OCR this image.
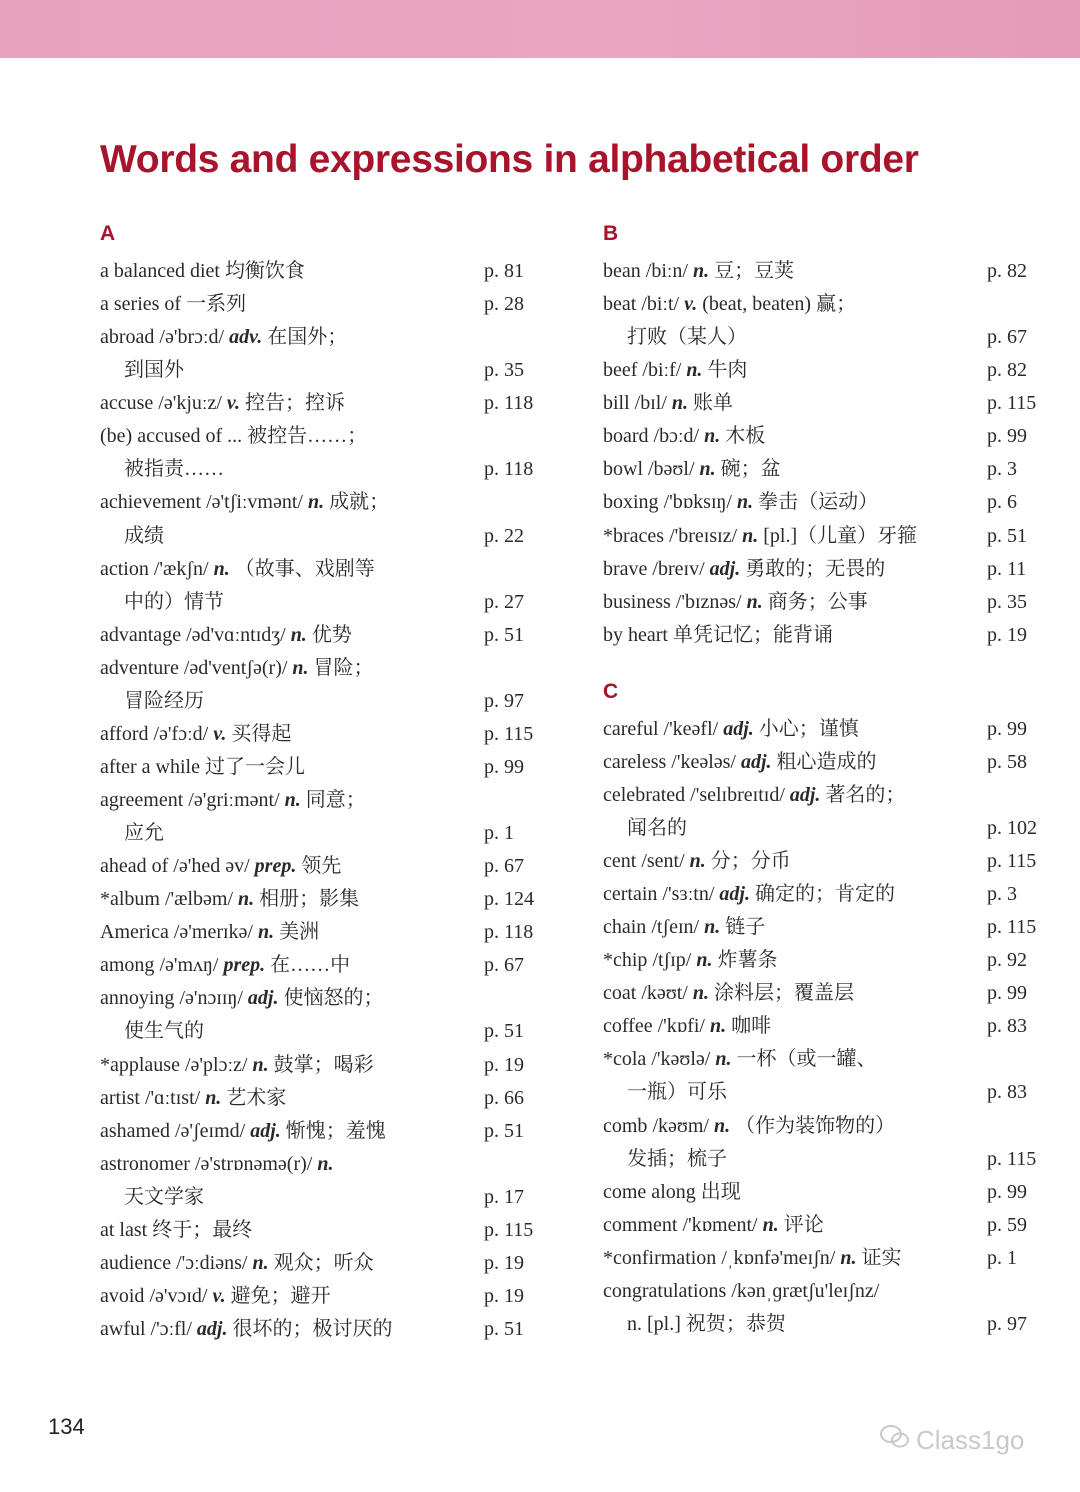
Words and expressions in alphabetical order
A
a balanced diet 均衡饮食	p. 81
a series of 一系列	p. 28
abroad /ə'brɔːd/ adv. 在国外；
到国外	p. 35
accuse /ə'kjuːz/ v. 控告；控诉	p. 118
(be) accused of ... 被控告……；
被指责……	p. 118
achievement /ə'tʃiːvmənt/ n. 成就；
成绩	p. 22
action /'ækʃn/ n. （故事、戏剧等
中的）情节	p. 27
advantage /əd'vɑːntɪdʒ/ n. 优势	p. 51
adventure /əd'ventʃə(r)/ n. 冒险；
冒险经历	p. 97
afford /ə'fɔːd/ v. 买得起	p. 115
after a while 过了一会儿	p. 99
agreement /ə'griːmənt/ n. 同意；
应允	p. 1
ahead of /ə'hed əv/ prep. 领先	p. 67
*album /'ælbəm/ n. 相册；影集	p. 124
America /ə'merɪkə/ n. 美洲	p. 118
among /ə'mʌŋ/ prep. 在……中	p. 67
annoying /ə'nɔɪɪŋ/ adj. 使恼怒的；
使生气的	p. 51
*applause /ə'plɔːz/ n. 鼓掌；喝彩	p. 19
artist /'ɑːtɪst/ n. 艺术家	p. 66
ashamed /ə'ʃeɪmd/ adj. 惭愧；羞愧	p. 51
astronomer /ə'strɒnəmə(r)/ n.
天文学家	p. 17
at last 终于；最终	p. 115
audience /'ɔːdiəns/ n. 观众；听众	p. 19
avoid /ə'vɔɪd/ v. 避免；避开	p. 19
awful /'ɔːfl/ adj. 很坏的；极讨厌的	p. 51
B
bean /biːn/ n. 豆；豆荚	p. 82
beat /biːt/ v. (beat, beaten) 赢；
打败（某人）	p. 67
beef /biːf/ n. 牛肉	p. 82
bill /bɪl/ n. 账单	p. 115
board /bɔːd/ n. 木板	p. 99
bowl /bəʊl/ n. 碗；盆	p. 3
boxing /'bɒksɪŋ/ n. 拳击（运动）	p. 6
*braces /'breɪsɪz/ n. [pl.]（儿童）牙箍	p. 51
brave /breɪv/ adj. 勇敢的；无畏的	p. 11
business /'bɪznəs/ n. 商务；公事	p. 35
by heart 单凭记忆；能背诵	p. 19
C
careful /'keəfl/ adj. 小心；谨慎	p. 99
careless /'keələs/ adj. 粗心造成的	p. 58
celebrated /'selɪbreɪtɪd/ adj. 著名的；
闻名的	p. 102
cent /sent/ n. 分；分币	p. 115
certain /'sɜːtn/ adj. 确定的；肯定的	p. 3
chain /tʃeɪn/ n. 链子	p. 115
*chip /tʃɪp/ n. 炸薯条	p. 92
coat /kəʊt/ n. 涂料层；覆盖层	p. 99
coffee /'kɒfi/ n. 咖啡	p. 83
*cola /'kəʊlə/ n. 一杯（或一罐、
一瓶）可乐	p. 83
comb /kəʊm/ n. （作为装饰物的）
发插；梳子	p. 115
come along 出现	p. 99
comment /'kɒment/ n. 评论	p. 59
*confirmation /ˌkɒnfə'meɪʃn/ n. 证实	p. 1
congratulations /kənˌɡrætʃu'leɪʃnz/
n. [pl.] 祝贺；恭贺	p. 97
134	Class1go
